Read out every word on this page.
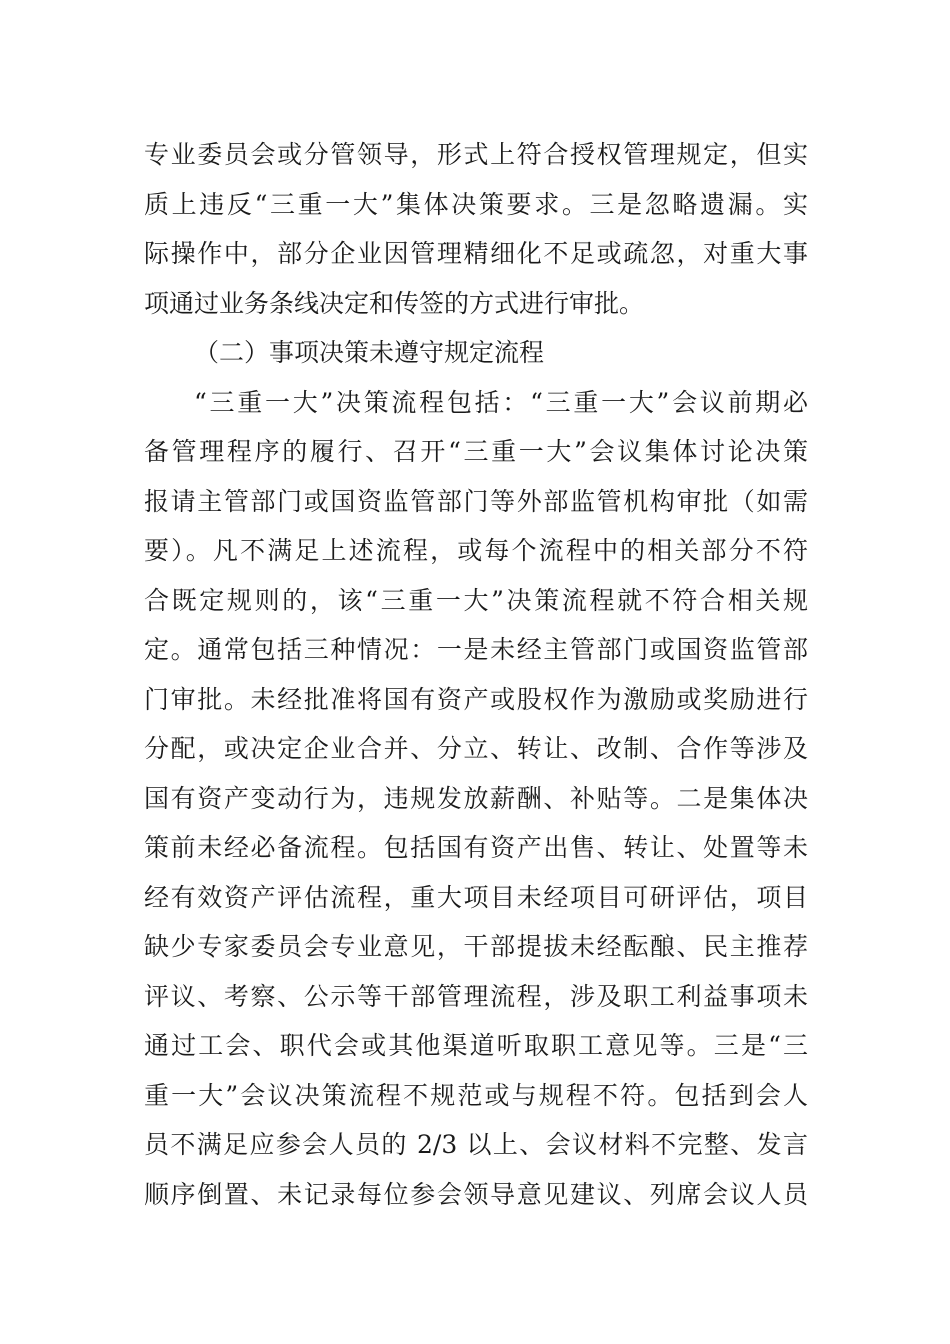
专业委员会或分管领导，形式上符合授权管理规定，但实
质上违反“三重一大”集体决策要求。三是忽略遗漏。实
际操作中，部分企业因管理精细化不足或疏忽，对重大事
项通过业务条线决定和传签的方式进行审批。
（二）事项决策未遵守规定流程
“三重一大”决策流程包括：“三重一大”会议前期必
备管理程序的履行、召开“三重一大”会议集体讨论决策
报请主管部门或国资监管部门等外部监管机构审批（如需
要）。凡不满足上述流程，或每个流程中的相关部分不符
合既定规则的，该“三重一大”决策流程就不符合相关规
定。通常包括三种情况：一是未经主管部门或国资监管部
门审批。未经批准将国有资产或股权作为激励或奖励进行
分配，或决定企业合并、分立、转让、改制、合作等涉及
国有资产变动行为，违规发放薪酬、补贴等。二是集体决
策前未经必备流程。包括国有资产出售、转让、处置等未
经有效资产评估流程，重大项目未经项目可研评估，项目
缺少专家委员会专业意见，干部提拔未经酝酿、民主推荐
评议、考察、公示等干部管理流程，涉及职工利益事项未
通过工会、职代会或其他渠道听取职工意见等。三是“三
重一大”会议决策流程不规范或与规程不符。包括到会人
员不满足应参会人员的 2/3 以上、会议材料不完整、发言
顺序倒置、未记录每位参会领导意见建议、列席会议人员
